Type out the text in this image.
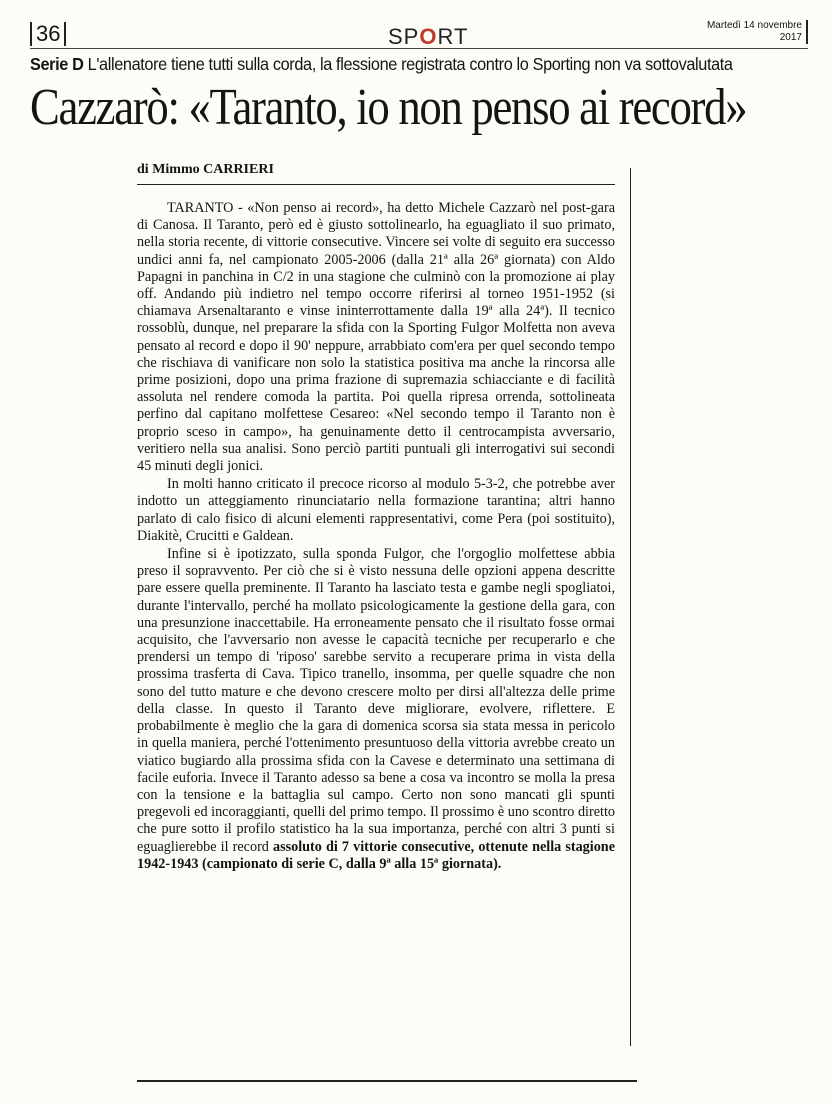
36	SPORT	Martedì 14 novembre
2017
Serie D L'allenatore tiene tutti sulla corda, la flessione registrata contro lo Sporting non va sottovalutata
Cazzarò: «Taranto, io non penso ai record»
di Mimmo CARRIERI

TARANTO - «Non penso ai record», ha detto Michele Cazzarò nel post-gara di Canosa. Il Taranto, però ed è giusto sottolinearlo, ha eguagliato il suo primato, nella storia recente, di vittorie consecutive. Vincere sei volte di seguito era successo undici anni fa, nel campionato 2005-2006 (dalla 21ª alla 26ª giornata) con Aldo Papagni in panchina in C/2 in una stagione che culminò con la promozione ai play off. Andando più indietro nel tempo occorre riferirsi al torneo 1951-1952 (si chiamava Arsenaltaranto e vinse ininterrottamente dalla 19ª alla 24ª). Il tecnico rossoblù, dunque, nel preparare la sfida con la Sporting Fulgor Molfetta non aveva pensato al record e dopo il 90' neppure, arrabbiato com'era per quel secondo tempo che rischiava di vanificare non solo la statistica positiva ma anche la rincorsa alle prime posizioni, dopo una prima frazione di supremazia schiacciante e di facilità assoluta nel rendere comoda la partita. Poi quella ripresa orrenda, sottolineata perfino dal capitano molfettese Cesareo: «Nel secondo tempo il Taranto non è proprio sceso in campo», ha genuinamente detto il centrocampista avversario, veritiero nella sua analisi. Sono perciò partiti puntuali gli interrogativi sui secondi 45 minuti degli jonici.

In molti hanno criticato il precoce ricorso al modulo 5-3-2, che potrebbe aver indotto un atteggiamento rinunciatario nella formazione tarantina; altri hanno parlato di calo fisico di alcuni elementi rappresentativi, come Pera (poi sostituito), Diakitè, Crucitti e Galdean.

Infine si è ipotizzato, sulla sponda Fulgor, che l'orgoglio molfettese abbia preso il sopravvento. Per ciò che si è visto nessuna delle opzioni appena descritte pare essere quella preminente. Il Taranto ha lasciato testa e gambe negli spogliatoi, durante l'intervallo, perché ha mollato psicologicamente la gestione della gara, con una presunzione inaccettabile. Ha erroneamente pensato che il risultato fosse ormai acquisito, che l'avversario non avesse le capacità tecniche per recuperarlo e che prendersi un tempo di 'riposo' sarebbe servito a recuperare prima in vista della prossima trasferta di Cava. Tipico tranello, insomma, per quelle squadre che non sono del tutto mature e che devono crescere molto per dirsi all'altezza delle prime della classe. In questo il Taranto deve migliorare, evolvere, riflettere. E probabilmente è meglio che la gara di domenica scorsa sia stata messa in pericolo in quella maniera, perché l'ottenimento presuntuoso della vittoria avrebbe creato un viatico bugiardo alla prossima sfida con la Cavese e determinato una settimana di facile euforia. Invece il Taranto adesso sa bene a cosa va incontro se molla la presa con la tensione e la battaglia sul campo. Certo non sono mancati gli spunti pregevoli ed incoraggianti, quelli del primo tempo. Il prossimo è uno scontro diretto che pure sotto il profilo statistico ha la sua importanza, perché con altri 3 punti si eguaglierebbe il record assoluto di 7 vittorie consecutive, ottenute nella stagione 1942-1943 (campionato di serie C, dalla 9ª alla 15ª giornata).
